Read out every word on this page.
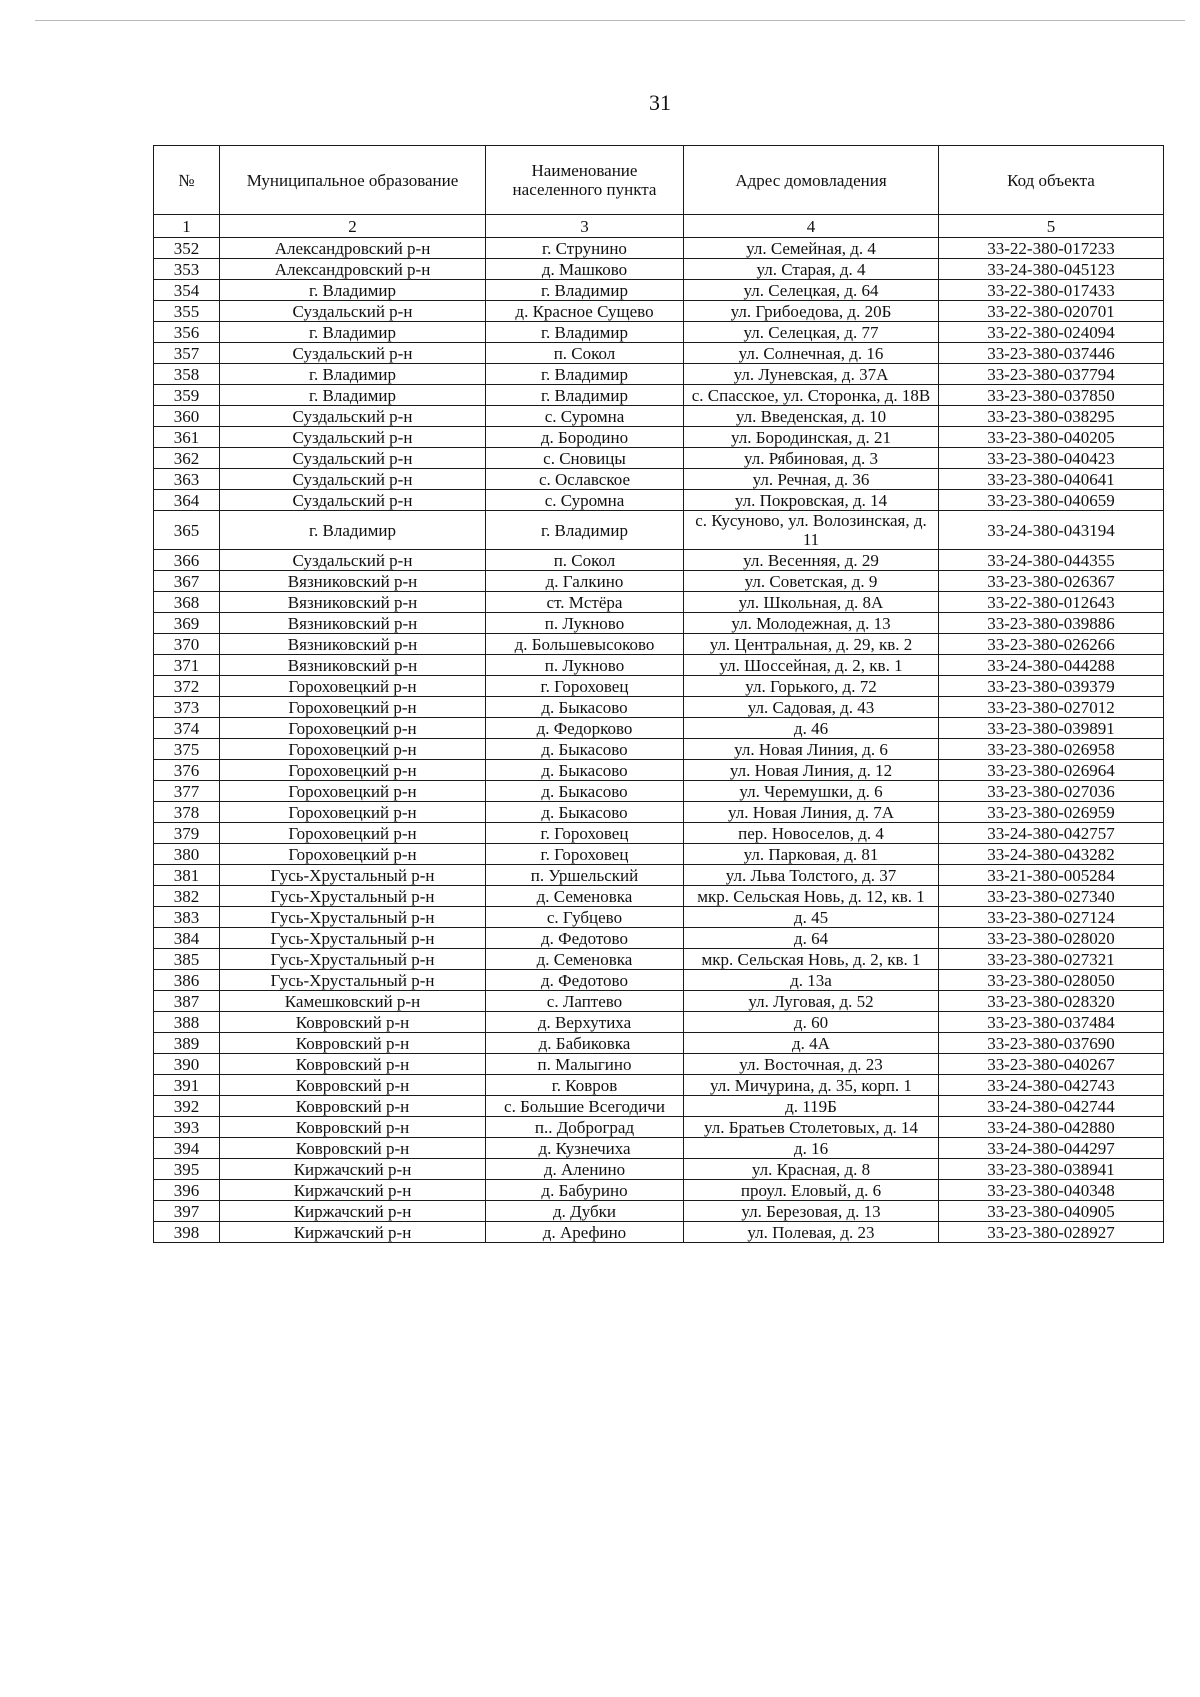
31
№	Муниципальное образование	Наименование населенного пункта	Адрес домовладения	Код объекта
1	2	3	4	5
352	Александровский р-н	г. Струнино	ул. Семейная, д. 4	33-22-380-017233
353	Александровский р-н	д. Машково	ул. Старая, д. 4	33-24-380-045123
354	г. Владимир	г. Владимир	ул. Селецкая, д. 64	33-22-380-017433
355	Суздальский р-н	д. Красное Сущево	ул. Грибоедова, д. 20Б	33-22-380-020701
356	г. Владимир	г. Владимир	ул. Селецкая, д. 77	33-22-380-024094
357	Суздальский р-н	п. Сокол	ул. Солнечная, д. 16	33-23-380-037446
358	г. Владимир	г. Владимир	ул. Луневская, д. 37А	33-23-380-037794
359	г. Владимир	г. Владимир	с. Спасское, ул. Сторонка, д. 18В	33-23-380-037850
360	Суздальский р-н	с. Суромна	ул. Введенская, д. 10	33-23-380-038295
361	Суздальский р-н	д. Бородино	ул. Бородинская, д. 21	33-23-380-040205
362	Суздальский р-н	с. Сновицы	ул. Рябиновая, д. 3	33-23-380-040423
363	Суздальский р-н	с. Ославское	ул. Речная, д. 36	33-23-380-040641
364	Суздальский р-н	с. Суромна	ул. Покровская, д. 14	33-23-380-040659
365	г. Владимир	г. Владимир	с. Кусуново, ул. Волозинская, д. 11	33-24-380-043194
366	Суздальский р-н	п. Сокол	ул. Весенняя, д. 29	33-24-380-044355
367	Вязниковский р-н	д. Галкино	ул. Советская, д. 9	33-23-380-026367
368	Вязниковский р-н	ст. Мстёра	ул. Школьная, д. 8А	33-22-380-012643
369	Вязниковский р-н	п. Лукново	ул. Молодежная, д. 13	33-23-380-039886
370	Вязниковский р-н	д. Большевысоково	ул. Центральная, д. 29, кв. 2	33-23-380-026266
371	Вязниковский р-н	п. Лукново	ул. Шоссейная, д. 2, кв. 1	33-24-380-044288
372	Гороховецкий р-н	г. Гороховец	ул. Горького, д. 72	33-23-380-039379
373	Гороховецкий р-н	д. Быкасово	ул. Садовая, д. 43	33-23-380-027012
374	Гороховецкий р-н	д. Федорково	д. 46	33-23-380-039891
375	Гороховецкий р-н	д. Быкасово	ул. Новая Линия, д. 6	33-23-380-026958
376	Гороховецкий р-н	д. Быкасово	ул. Новая Линия, д. 12	33-23-380-026964
377	Гороховецкий р-н	д. Быкасово	ул. Черемушки, д. 6	33-23-380-027036
378	Гороховецкий р-н	д. Быкасово	ул. Новая Линия, д. 7А	33-23-380-026959
379	Гороховецкий р-н	г. Гороховец	пер. Новоселов, д. 4	33-24-380-042757
380	Гороховецкий р-н	г. Гороховец	ул. Парковая, д. 81	33-24-380-043282
381	Гусь-Хрустальный р-н	п. Уршельский	ул. Льва Толстого, д. 37	33-21-380-005284
382	Гусь-Хрустальный р-н	д. Семеновка	мкр. Сельская Новь, д. 12, кв. 1	33-23-380-027340
383	Гусь-Хрустальный р-н	с. Губцево	д. 45	33-23-380-027124
384	Гусь-Хрустальный р-н	д. Федотово	д. 64	33-23-380-028020
385	Гусь-Хрустальный р-н	д. Семеновка	мкр. Сельская Новь, д. 2, кв. 1	33-23-380-027321
386	Гусь-Хрустальный р-н	д. Федотово	д. 13а	33-23-380-028050
387	Камешковский р-н	с. Лаптево	ул. Луговая, д. 52	33-23-380-028320
388	Ковровский р-н	д. Верхутиха	д. 60	33-23-380-037484
389	Ковровский р-н	д. Бабиковка	д. 4А	33-23-380-037690
390	Ковровский р-н	п. Малыгино	ул. Восточная, д. 23	33-23-380-040267
391	Ковровский р-н	г. Ковров	ул. Мичурина, д. 35, корп. 1	33-24-380-042743
392	Ковровский р-н	с. Большие Всегодичи	д. 119Б	33-24-380-042744
393	Ковровский р-н	п.. Доброград	ул. Братьев Столетовых, д. 14	33-24-380-042880
394	Ковровский р-н	д. Кузнечиха	д. 16	33-24-380-044297
395	Киржачский р-н	д. Аленино	ул. Красная, д. 8	33-23-380-038941
396	Киржачский р-н	д. Бабурино	проул. Еловый, д. 6	33-23-380-040348
397	Киржачский р-н	д. Дубки	ул. Березовая, д. 13	33-23-380-040905
398	Киржачский р-н	д. Арефино	ул. Полевая, д. 23	33-23-380-028927
